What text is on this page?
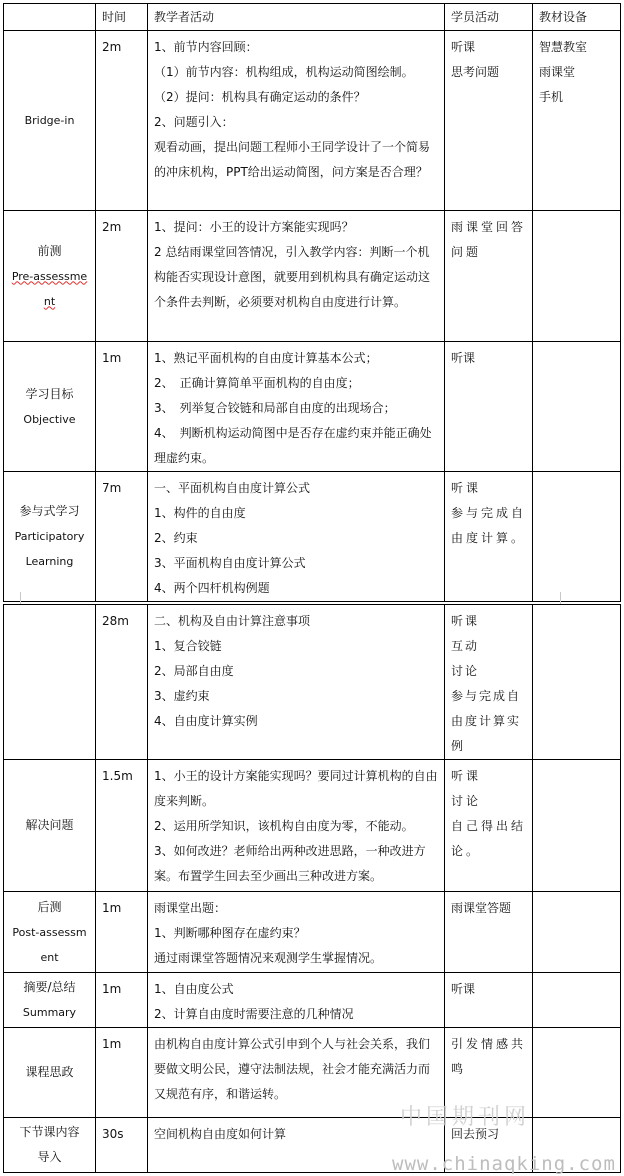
	时间	教学者活动	学员活动	教材设备

Bridge-in	2m	1、前节内容回顾：
（1）前节内容：机构组成，机构运动简图绘制。
（2）提问：机构具有确定运动的条件？
2、问题引入：
观看动画，提出问题工程师小王同学设计了一个简易的冲床机构，PPT给出运动简图，问方案是否合理？	听课
思考问题	智慧教室
雨课堂
手机

前测
Pre-assessme
nt	2m	1、提问：小王的设计方案能实现吗？
2 总结雨课堂回答情况，引入教学内容：判断一个机构能否实现设计意图，就要用到机构具有确定运动这个条件去判断，必须要对机构自由度进行计算。	雨课堂回答问题	

学习目标
Objective	1m	1、熟记平面机构的自由度计算基本公式；
2、　正确计算简单平面机构的自由度；
3、　列举复合铰链和局部自由度的出现场合；
4、　判断机构运动简图中是否存在虚约束并能正确处理虚约束。	听课	

参与式学习
Participatory
Learning	7m	一、平面机构自由度计算公式
1、构件的自由度
2、约束
3、平面机构自由度计算公式
4、两个四杆机构例题	听课
参与完成自由度计算。	

	28m	二、机构及自由计算注意事项
1、复合铰链
2、局部自由度
3、虚约束
4、自由度计算实例	听课
互动
讨论
参与完成自由度计算实例	

解决问题	1.5m	1、小王的设计方案能实现吗？要同过计算机构的自由度来判断。
2、运用所学知识，该机构自由度为零，不能动。
3、如何改进？老师给出两种改进思路，一种改进方案。布置学生回去至少画出三种改进方案。	听课
讨论
自己得出结论。	

后测
Post-assessm
ent	1m	雨课堂出题：
1、判断哪种图存在虚约束？
通过雨课堂答题情况来观测学生掌握情况。	雨课堂答题	

摘要/总结
Summary	1m	1、自由度公式
2、计算自由度时需要注意的几种情况	听课	

课程思政	1m	由机构自由度计算公式引申到个人与社会关系，我们要做文明公民，遵守法制法规，社会才能充满活力而又规范有序，和谐运转。	引发情感共鸣	

下节课内容
导入	30s	空间机构自由度如何计算	回去预习	

中国期刊网
www.chinaqking.com
